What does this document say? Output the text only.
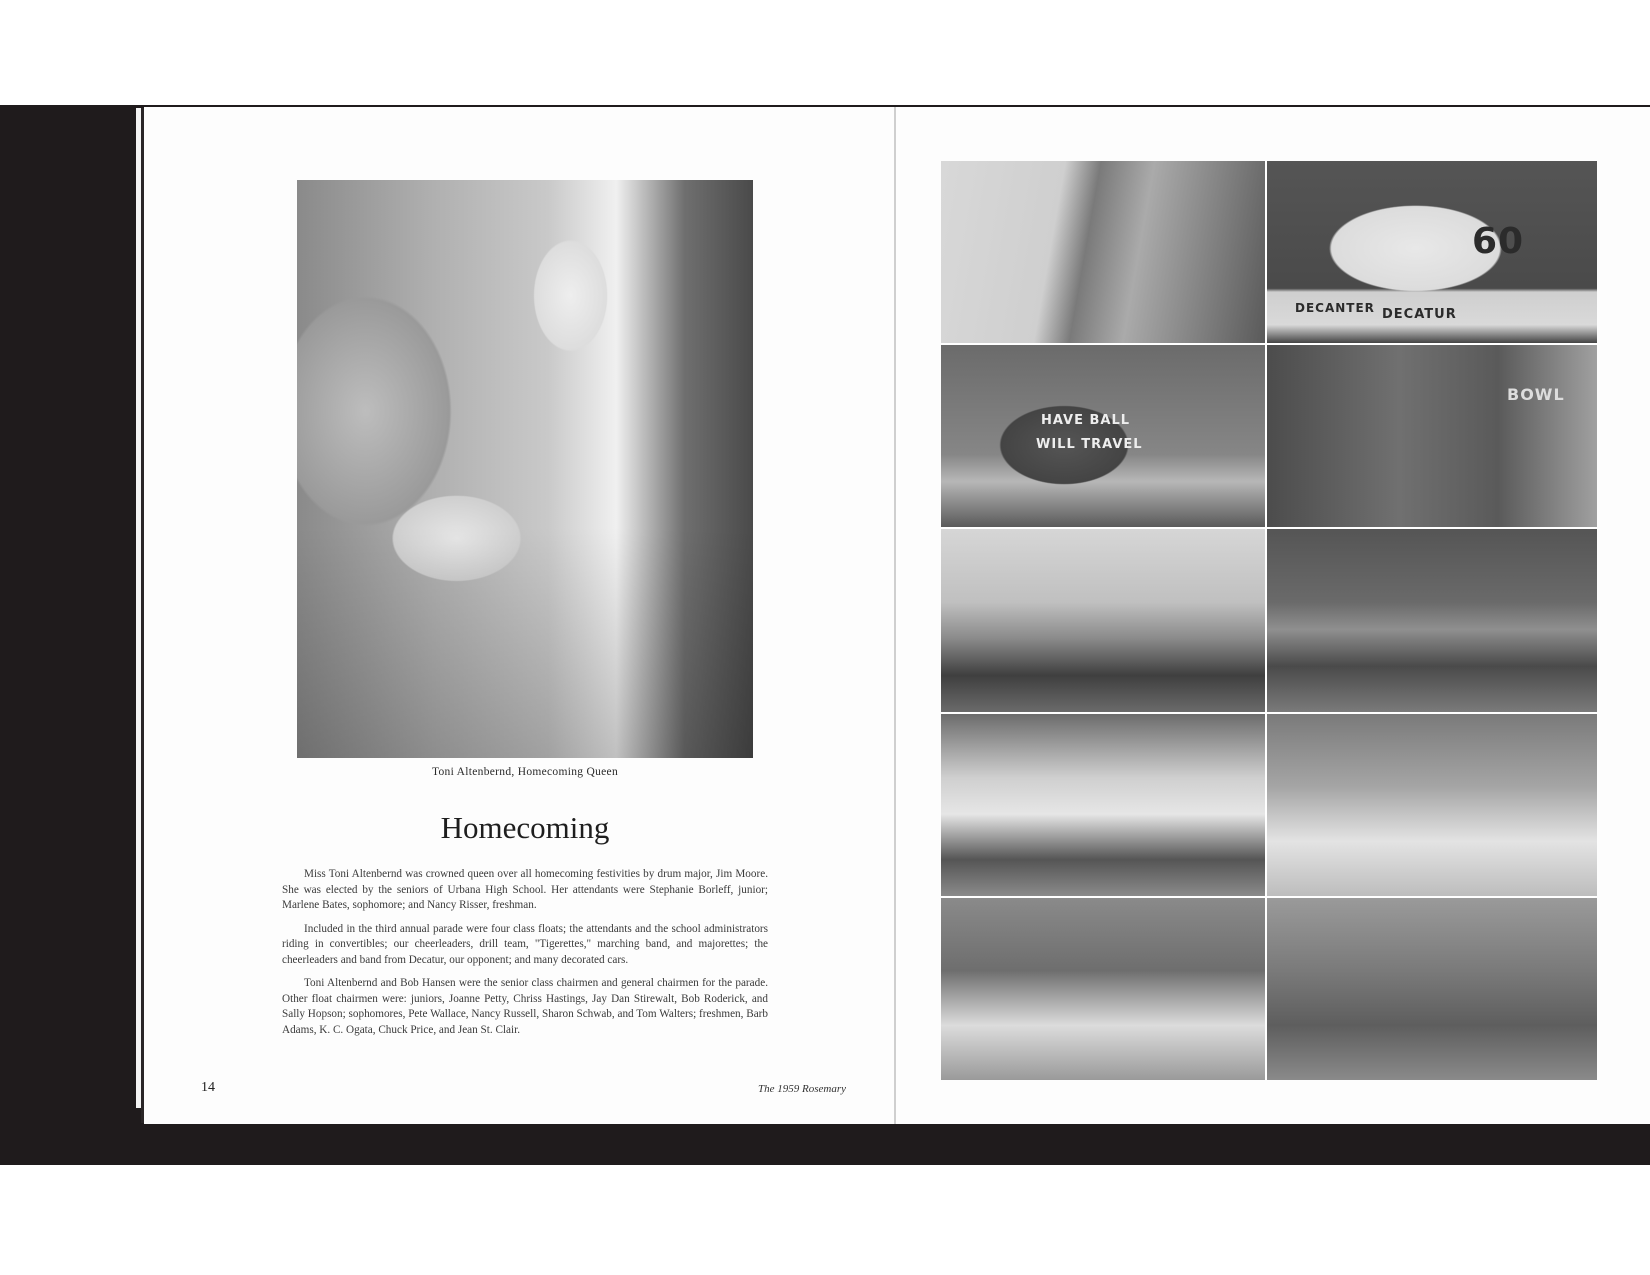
Toni Altenbernd, Homecoming Queen
Homecoming

Miss Toni Altenbernd was crowned queen over all homecoming festivities by drum major, Jim Moore. She was elected by the seniors of Urbana High School. Her attendants were Stephanie Borleff, junior; Marlene Bates, sophomore; and Nancy Risser, freshman.

Included in the third annual parade were four class floats; the attendants and the school administrators riding in convertibles; our cheerleaders, drill team, "Tigerettes," marching band, and majorettes; the cheerleaders and band from Decatur, our opponent; and many decorated cars.

Toni Altenbernd and Bob Hansen were the senior class chairmen and general chairmen for the parade. Other float chairmen were: juniors, Joanne Petty, Chriss Hastings, Jay Dan Stirewalt, Bob Roderick, and Sally Hopson; sophomores, Pete Wallace, Nancy Russell, Sharon Schwab, and Tom Walters; freshmen, Barb Adams, K. C. Ogata, Chuck Price, and Jean St. Clair.

14	The 1959 Rosemary
DECANTER DECATUR
60
HAVE BALL
WILL TRAVEL
BOWL
